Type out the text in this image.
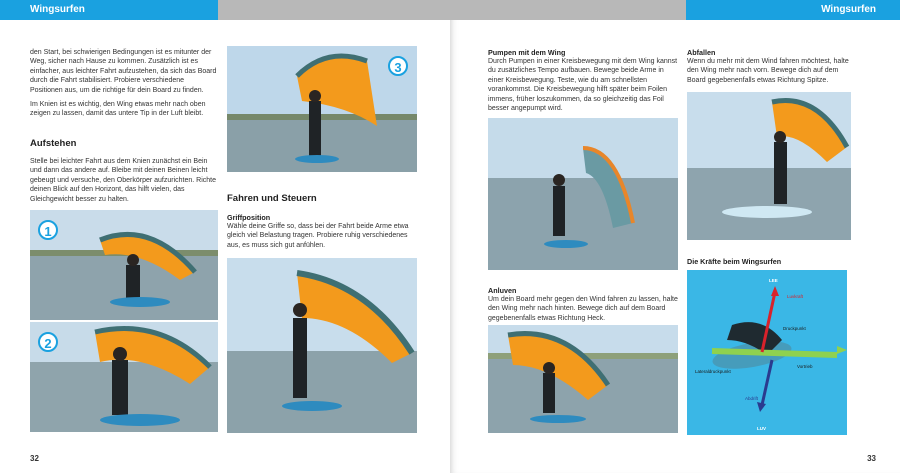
Wingsurfen
den Start, bei schwierigen Bedingungen ist es mitunter der Weg, sicher nach Hause zu kommen. Zusätzlich ist es einfacher, aus leichter Fahrt aufzustehen, da sich das Board durch die Fahrt stabilisiert. Probiere verschiedene Positionen aus, um die richtige für dein Board zu finden.
Im Knien ist es wichtig, den Wing etwas mehr nach oben zeigen zu lassen, damit das untere Tip in der Luft bleibt.
Aufstehen
Stelle bei leichter Fahrt aus dem Knien zunächst ein Bein und dann das andere auf. Bleibe mit deinen Beinen leicht gebeugt und versuche, den Oberkörper aufzurichten. Richte deinen Blick auf den Horizont, das hilft vielen, das Gleichgewicht besser zu halten.
1
2
3
Fahren und Steuern
Griffposition
Wähle deine Griffe so, dass bei der Fahrt beide Arme etwa gleich viel Belastung tragen. Probiere ruhig verschiedenes aus, es muss sich gut anfühlen.
32
Wingsurfen
Pumpen mit dem Wing
Durch Pumpen in einer Kreisbewegung mit dem Wing kannst du zusätzliches Tempo aufbauen. Bewege beide Arme in einer Kreisbewegung. Teste, wie du am schnellsten vorankommst. Die Kreisbewegung hilft später beim Foilen immens, früher loszukommen, da so gleichzeitig das Foil besser angepumpt wird.
Abfallen
Wenn du mehr mit dem Wind fahren möchtest, halte den Wing mehr nach vorn. Bewege dich auf dem Board gegebenenfalls etwas Richtung Spitze.
Die Kräfte beim Wingsurfen
LEE
LUV
Druckpunkt
Lateraldruckpunkt
Vortrieb
Luvkraft
Abdrift
Anluven
Um dein Board mehr gegen den Wind fahren zu lassen, halte den Wing mehr nach hinten. Bewege dich auf dem Board gegebenenfalls etwas Richtung Heck.
33
